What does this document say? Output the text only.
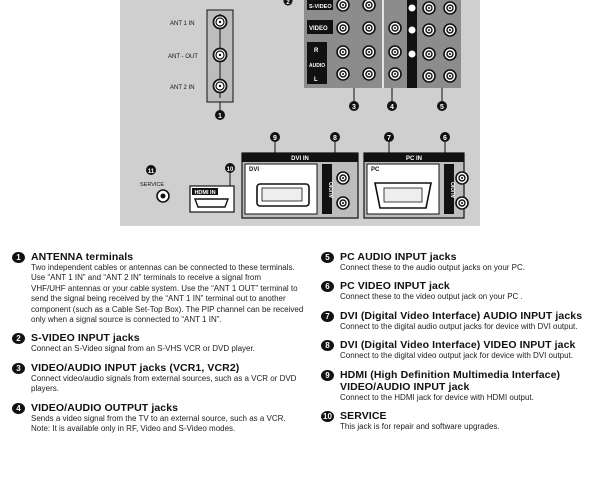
S-VIDEO
VIDEO
AUDIO
R
L
3	4	5
2
ANT 1 IN
ANT - OUT
ANT 2 IN
1
9	8	7	6
DVI IN
DVI
AUDIO
PC IN
PC
AUDIO
10
HDMI IN
11
SERVICE
1 ANTENNA terminals
Two independent cables or antennas can be connected to these terminals.
Use “ANT 1 IN” and “ANT 2 IN” terminals to receive a signal from
VHF/UHF antennas or your cable system. Use the “ANT 1 OUT” terminal to
send the signal being received by the “ANT 1 IN” terminal out to another
component (such as a Cable Set-Top Box). The PIP channel can be received
only when a signal source is connected to “ANT 1 IN”.
2 S-VIDEO INPUT jacks
Connect an S-Video signal from an S-VHS VCR or DVD player.
3 VIDEO/AUDIO INPUT jacks (VCR1, VCR2)
Connect video/audio signals from external sources, such as a VCR or DVD
players.
4 VIDEO/AUDIO OUTPUT jacks
Sends a video signal from the TV to an external source, such as a VCR.
Note: It is available only in RF, Video and S-Video modes.
5 PC AUDIO INPUT jacks
Connect these to the audio output jacks on your PC.
6 PC VIDEO INPUT jack
Connect these to the video output jack on your PC .
7 DVI (Digital Video Interface) AUDIO INPUT jacks
Connect to the digital audio output jacks for device with DVI output.
8 DVI (Digital Video Interface) VIDEO INPUT jack
Connect to the digital video output jack for device with DVI output.
9 HDMI (High Definition Multimedia Interface) VIDEO/AUDIO INPUT jack
Connect to the HDMI jack for device with HDMI output.
10 SERVICE
This jack is for repair and software upgrades.
